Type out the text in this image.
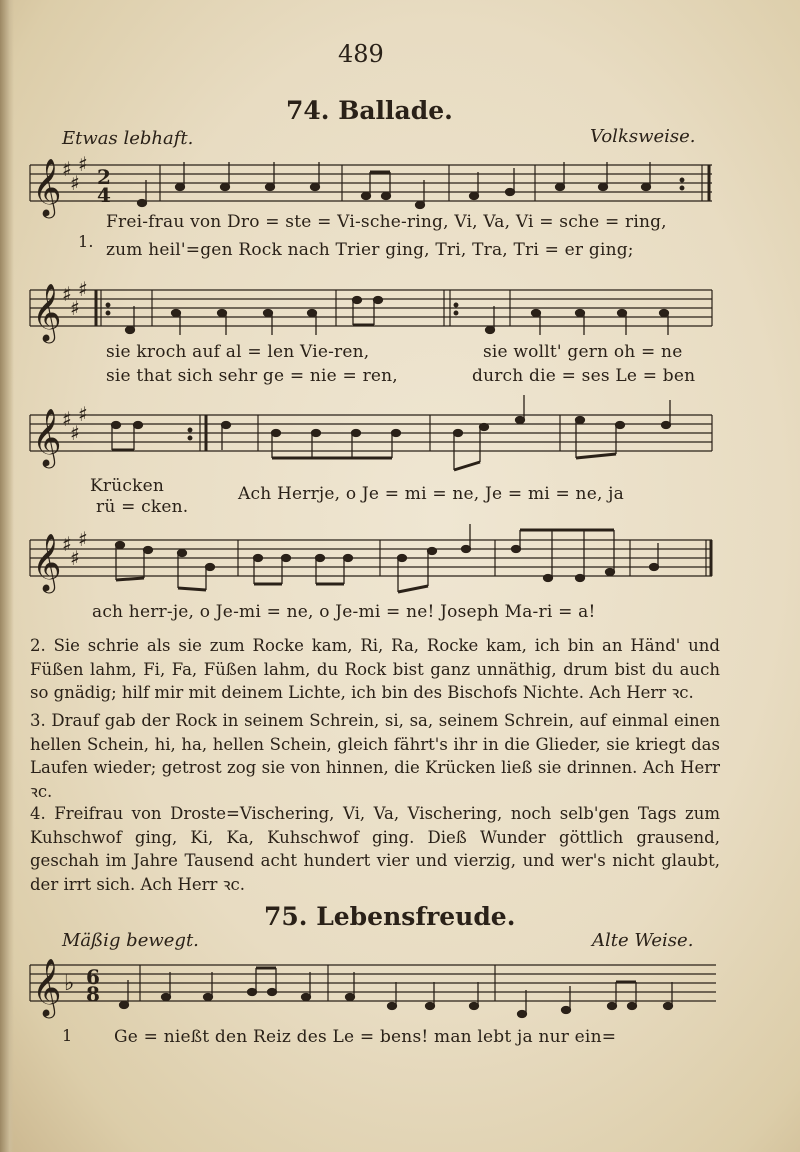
489
74. Ballade.
Etwas lebhaft.	Volksweise.
𝄞
𝄞
𝄞
𝄞
𝄞
♯
♯
♯
♯
♯
♯
♯
♯
♯
♯
♯
♯
♭
2
4
6
8
1.
Frei-frau von Dro = ste = Vi-sche-ring, Vi, Va, Vi = sche = ring,
zum heil'=gen Rock nach Trier ging, Tri, Tra, Tri = er ging;
sie kroch auf al = len Vie-ren,	sie wollt' gern oh = ne
sie that sich sehr ge = nie = ren,	durch die = ses Le = ben
Krücken
rü = cken.
Ach Herrje, o Je = mi = ne, Je = mi = ne, ja
ach herr-je, o Je-mi = ne, o Je-mi = ne! Joseph Ma-ri = a!
2. Sie schrie als sie zum Rocke kam, Ri, Ra, Rocke kam, ich bin an Händ' und Füßen lahm, Fi, Fa, Füßen lahm, du Rock bist ganz unnäthig, drum bist du auch so gnädig; hilf mir mit deinem Lichte, ich bin des Bischofs Nichte. Ach Herr ꝛc.
3. Drauf gab der Rock in seinem Schrein, si, sa, seinem Schrein, auf einmal einen hellen Schein, hi, ha, hellen Schein, gleich fährt's ihr in die Glieder, sie kriegt das Laufen wieder; getrost zog sie von hinnen, die Krücken ließ sie drinnen. Ach Herr ꝛc.
4. Freifrau von Droste=Vischering, Vi, Va, Vischering, noch selb'gen Tags zum Kuhschwof ging, Ki, Ka, Kuhschwof ging. Dieß Wunder göttlich grausend, geschah im Jahre Tausend acht hundert vier und vierzig, und wer's nicht glaubt, der irrt sich. Ach Herr ꝛc.
75. Lebensfreude.
Mäßig bewegt.	Alte Weise.
1 Ge = nießt den Reiz des Le = bens! man lebt ja nur ein=
